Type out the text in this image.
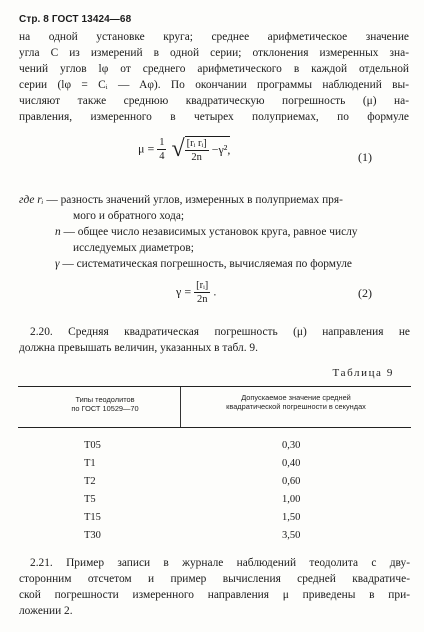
Стр. 8 ГОСТ 13424—68
на одной установке круга; среднее арифметическое значение
угла C из измерений в одной серии; отклонения измеренных зна-
чений углов lφ от среднего арифметического в каждой отдельной
серии (lφ = Cᵢ — Aφ). По окончании программы наблюдений вы-
числяют также среднюю квадратическую погрешность (μ) на-
правления, измеренного в четырех полуприемах, по формуле
$\mu = \frac{1}{4}$ √ $\frac{\text{[rᵢ rᵢ]}}{2n} -\gamma^2$,
(1)
где rᵢ — разность значений углов, измеренных в полуприемах пря-
мого и обратного хода;
n — общее число независимых установок круга, равное числу
исследуемых диаметров;
γ — систематическая погрешность, вычисляемая по формуле
$\gamma = \frac{\text{[rᵢ]}}{2n}$ .	(2)
2.20. Средняя квадратическая погрешность (μ) направления не
должна превышать величин, указанных в табл. 9.
Таблица 9
Типы теодолитов
по ГОСТ 10529—70
Допускаемое значение средней
квадратической погрешности в секундах
Т05	0,30
Т1	0,40
Т2	0,60
Т5	1,00
Т15	1,50
Т30	3,50
2.21. Пример записи в журнале наблюдений теодолита с дву-
сторонним отсчетом и пример вычисления средней квадратиче-
ской погрешности измеренного направления μ приведены в при-
ложении 2.
